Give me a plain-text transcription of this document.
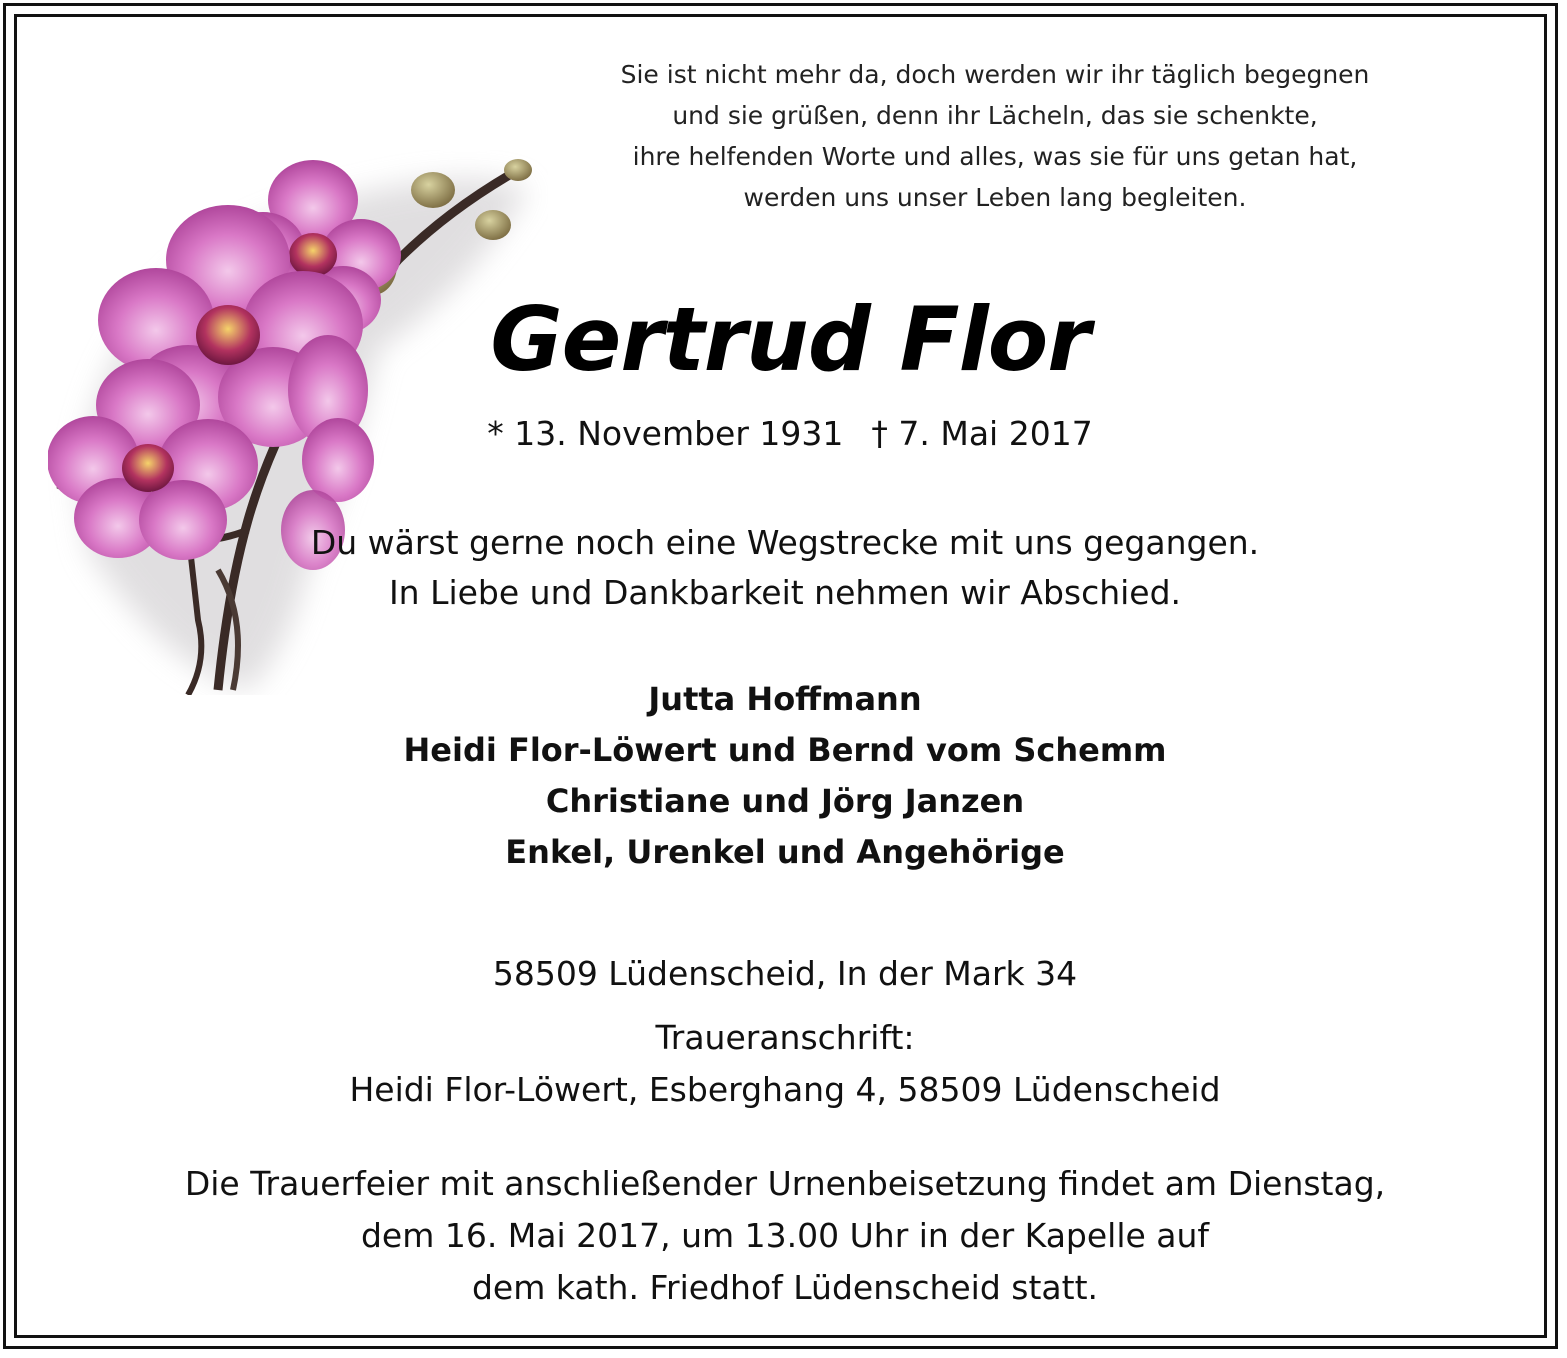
Sie ist nicht mehr da, doch werden wir ihr täglich begegnen
und sie grüßen, denn ihr Lächeln, das sie schenkte,
ihre helfenden Worte und alles, was sie für uns getan hat,
werden uns unser Leben lang begleiten.
Gertrud Flor
* 13. November 1931 † 7. Mai 2017
Du wärst gerne noch eine Wegstrecke mit uns gegangen.
In Liebe und Dankbarkeit nehmen wir Abschied.
Jutta Hoffmann
Heidi Flor-Löwert und Bernd vom Schemm
Christiane und Jörg Janzen
Enkel, Urenkel und Angehörige
58509 Lüdenscheid, In der Mark 34
Traueranschrift:
Heidi Flor-Löwert, Esberghang 4, 58509 Lüdenscheid
Die Trauerfeier mit anschließender Urnenbeisetzung findet am Dienstag,
dem 16. Mai 2017, um 13.00 Uhr in der Kapelle auf
dem kath. Friedhof Lüdenscheid statt.
